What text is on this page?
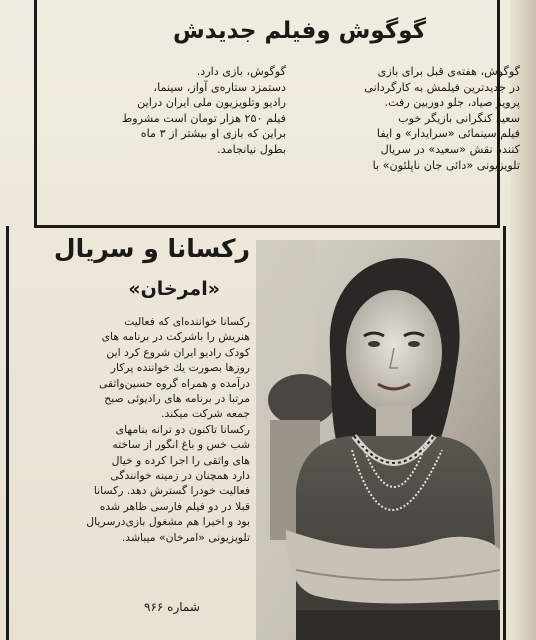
گوگوش وفیلم جدیدش
گوگوش، هفته‌ی قبل برای بازی
در جدیدترین فیلمش به کارگردانی
پرویز صیاد، جلو دوربین رفت.
سعید کنگرانی بازیگر خوب
فیلم سینمائی «سرایدار» و ایفا
کننده نقش «سعید» در سریال
تلویزیونی «دائی جان ناپلئون» با
گوگوش، بازی دارد.
دستمزد ستاره‌ی آواز، سینما،
رادیو وتلویزیون ملی ایران دراین
فیلم ۲۵۰ هزار تومان است مشروط
براین که بازی او بیشتر از ۳ ماه
بطول نیانجامد.
رکسانا و سریال
«امرخان»
رکسانا خواننده‌ای که فعالیت
هنریش را باشرکت در برنامه های
کودک رادیو ایران شروع کرد این
روزها بصورت یك خواننده پرکار
درآمده و همراه گروه حسین‌واثقی
مرتبا در برنامه های رادیوئی صبح
جمعه شرکت میکند.
رکسانا تاکنون دو ترانه بنامهای
شب خس و باغ انگور از ساخته
های واثقی را اجرا کرده و خیال
دارد همچنان در زمینه خوانندگی
فعالیت خودرا گسترش دهد. رکسانا
قبلا در دو فیلم فارسی ظاهر شده
بود و اخیرا هم مشغول بازی‌درسریال
تلویزیونی «امرخان» میباشد.
شماره ۹۶۶
